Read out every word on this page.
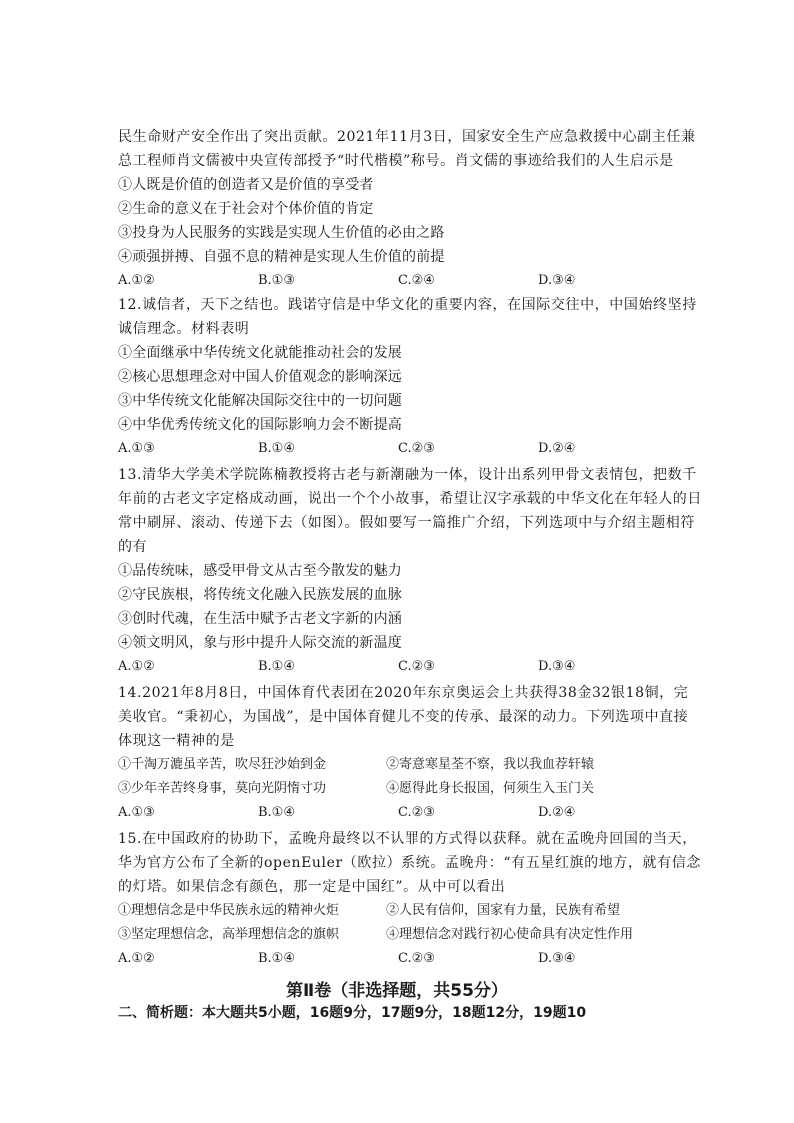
民生命财产安全作出了突出贡献。2021年11月3日，国家安全生产应急救援中心副主任兼
总工程师肖文儒被中央宣传部授予“时代楷模”称号。肖文儒的事迹给我们的人生启示是
①人既是价值的创造者又是价值的享受者
②生命的意义在于社会对个体价值的肯定
③投身为人民服务的实践是实现人生价值的必由之路
④顽强拼搏、自强不息的精神是实现人生价值的前提
A.①②	B.①③	C.②④	D.③④
12.诚信者，天下之结也。践诺守信是中华文化的重要内容，在国际交往中，中国始终坚持
诚信理念。材料表明
①全面继承中华传统文化就能推动社会的发展
②核心思想理念对中国人价值观念的影响深远
③中华传统文化能解决国际交往中的一切问题
④中华优秀传统文化的国际影响力会不断提高
A.①③	B.①④	C.②③	D.②④
13.清华大学美术学院陈楠教授将古老与新潮融为一体，设计出系列甲骨文表情包，把数千
年前的古老文字定格成动画，说出一个个小故事，希望让汉字承载的中华文化在年轻人的日
常中刷屏、滚动、传递下去（如图）。假如要写一篇推广介绍，下列选项中与介绍主题相符
的有
①品传统味，感受甲骨文从古至今散发的魅力
②守民族根，将传统文化融入民族发展的血脉
③创时代魂，在生活中赋予古老文字新的内涵
④领文明风，象与形中提升人际交流的新温度
A.①②	B.①④	C.②③	D.③④
14.2021年8月8日，中国体育代表团在2020年东京奥运会上共获得38金32银18铜，完
美收官。“秉初心，为国战”，是中国体育健儿不变的传承、最深的动力。下列选项中直接
体现这一精神的是
①千淘万漉虽辛苦，吹尽狂沙始到金	②寄意寒星荃不察，我以我血荐轩辕
③少年辛苦终身事，莫向光阴惰寸功	④愿得此身长报国，何须生入玉门关
A.①③	B.①④	C.②③	D.②④
15.在中国政府的协助下，孟晚舟最终以不认罪的方式得以获释。就在孟晚舟回国的当天，
华为官方公布了全新的openEuler（欧拉）系统。孟晚舟：“有五星红旗的地方，就有信念
的灯塔。如果信念有颜色，那一定是中国红”。从中可以看出
①理想信念是中华民族永远的精神火炬	②人民有信仰，国家有力量，民族有希望
③坚定理想信念，高举理想信念的旗帜	④理想信念对践行初心使命具有决定性作用
A.①②	B.①④	C.②③	D.③④
第Ⅱ卷（非选择题，共55分）
二、简析题：本大题共5小题，16题9分，17题9分，18题12分，19题10
